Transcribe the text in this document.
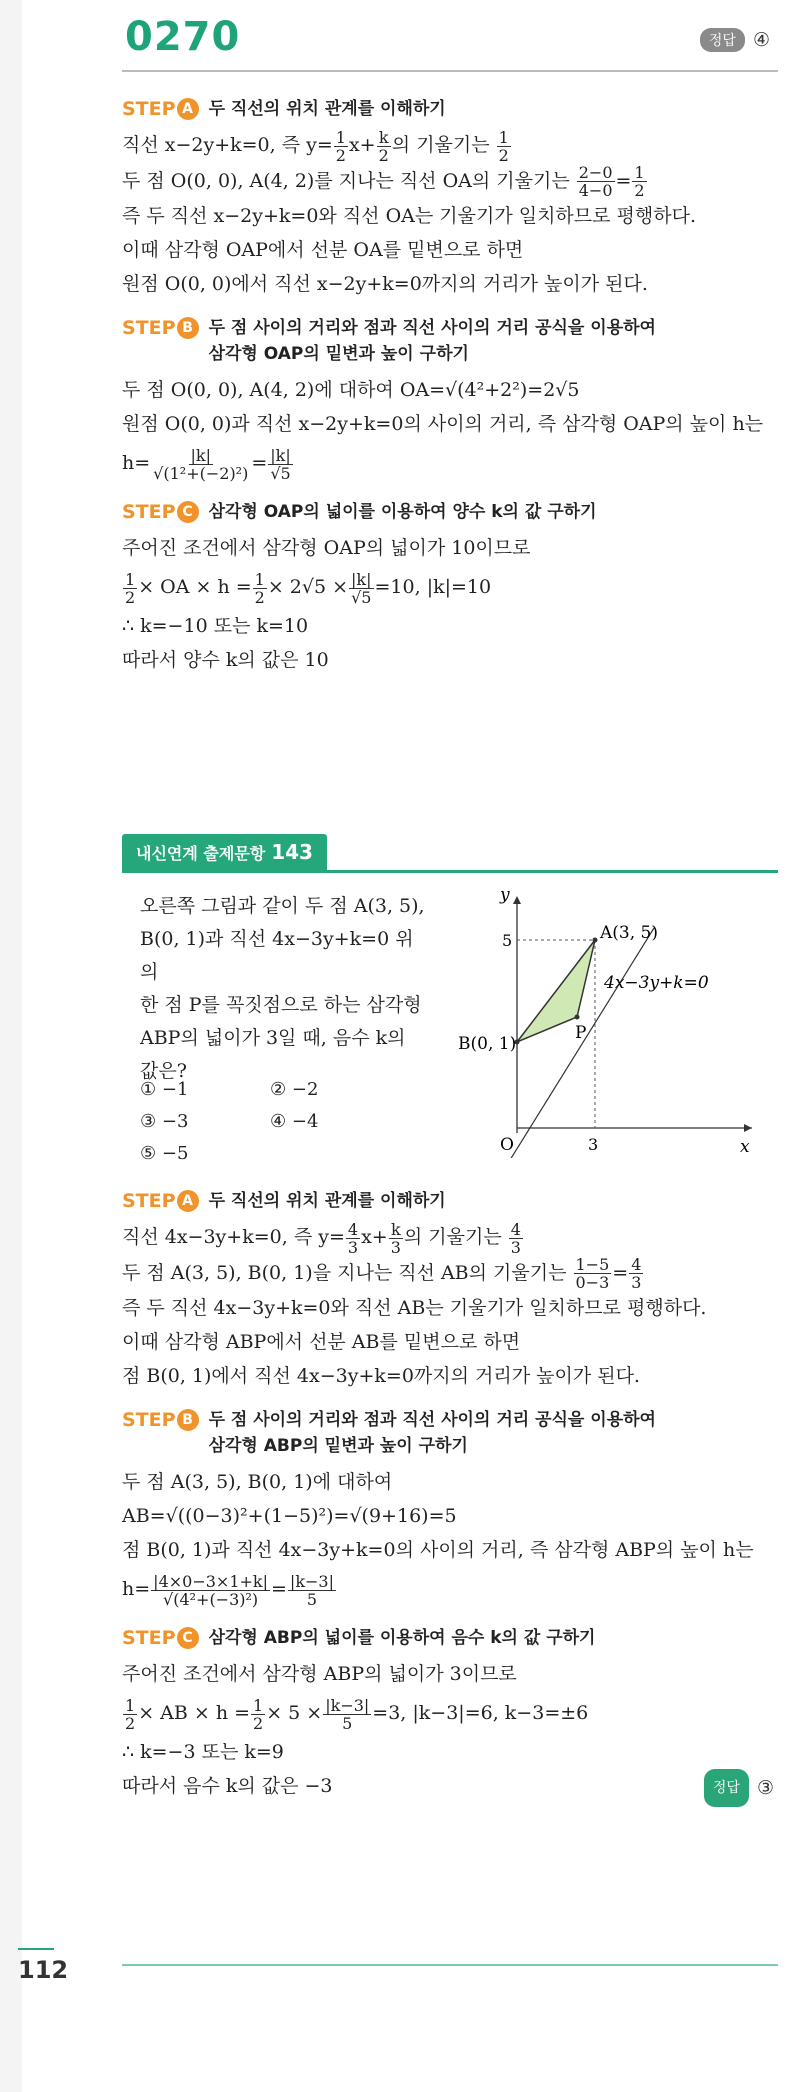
0270	정답 ④
STEP A 두 직선의 위치 관계를 이해하기
직선 x−2y+k=0, 즉 $y= \frac{1}{2} x+ \frac{k}{2}$ 의 기울기는 $\frac{1}{2}$
두 점 O(0, 0), A(4, 2)를 지나는 직선 OA의 기울기는 $\frac{2-0}{4-0} = \frac{1}{2}$
즉 두 직선 x−2y+k=0와 직선 OA는 기울기가 일치하므로 평행하다.
이때 삼각형 OAP에서 선분 OA를 밑변으로 하면
원점 O(0, 0)에서 직선 x−2y+k=0까지의 거리가 높이가 된다.
STEP B 두 점 사이의 거리와 점과 직선 사이의 거리 공식을 이용하여
삼각형 OAP의 밑변과 높이 구하기
두 점 O(0, 0), A(4, 2)에 대하여 OA=√(4²+2²)=2√5
원점 O(0, 0)과 직선 x−2y+k=0의 사이의 거리, 즉 삼각형 OAP의 높이 h는
$h= \frac{|k|}{\text{√(1²+(−2)²)}} = \frac{|k|}{√5}$
STEP C 삼각형 OAP의 넓이를 이용하여 양수 k의 값 구하기
주어진 조건에서 삼각형 OAP의 넓이가 10이므로
$\frac{1}{2}$ × OA × $h = \frac{1}{2} \times 2√5 \times \frac{|k|}{√5} =10$, |k|=10
∴ k=−10 또는 k=10
따라서 양수 k의 값은 10
내신연계 출제문항 143
오른쪽 그림과 같이 두 점 A(3, 5),
B(0, 1)과 직선 4x−3y+k=0 위의
한 점 P를 꼭짓점으로 하는 삼각형
ABP의 넓이가 3일 때, 음수 k의
값은?
① −1	② −2
③ −3	④ −4
⑤ −5
y
x
O
5
3
A(3, 5)
B(0, 1)
P
4x−3y+k=0
STEP A 두 직선의 위치 관계를 이해하기
직선 4x−3y+k=0, 즉 $y= \frac{4}{3} x+ \frac{k}{3}$ 의 기울기는 $\frac{4}{3}$
두 점 A(3, 5), B(0, 1)을 지나는 직선 AB의 기울기는 $\frac{1-5}{0-3} = \frac{4}{3}$
즉 두 직선 4x−3y+k=0와 직선 AB는 기울기가 일치하므로 평행하다.
이때 삼각형 ABP에서 선분 AB를 밑변으로 하면
점 B(0, 1)에서 직선 4x−3y+k=0까지의 거리가 높이가 된다.
STEP B 두 점 사이의 거리와 점과 직선 사이의 거리 공식을 이용하여
삼각형 ABP의 밑변과 높이 구하기
두 점 A(3, 5), B(0, 1)에 대하여
AB=√((0−3)²+(1−5)²)=√(9+16)=5
점 B(0, 1)과 직선 4x−3y+k=0의 사이의 거리, 즉 삼각형 ABP의 높이 h는
$h= \frac{|4\times 0-3\times 1+k|}{\text{√(4²+(−3)²)}} = \frac{|k-3|}{5}$
STEP C 삼각형 ABP의 넓이를 이용하여 음수 k의 값 구하기
주어진 조건에서 삼각형 ABP의 넓이가 3이므로
$\frac{1}{2}$ × AB × $h = \frac{1}{2} \times 5 \times \frac{|k-3|}{5} =3$, |k−3|=6, k−3=±6
∴ k=−3 또는 k=9
따라서 음수 k의 값은 −3	정답 ③
112
